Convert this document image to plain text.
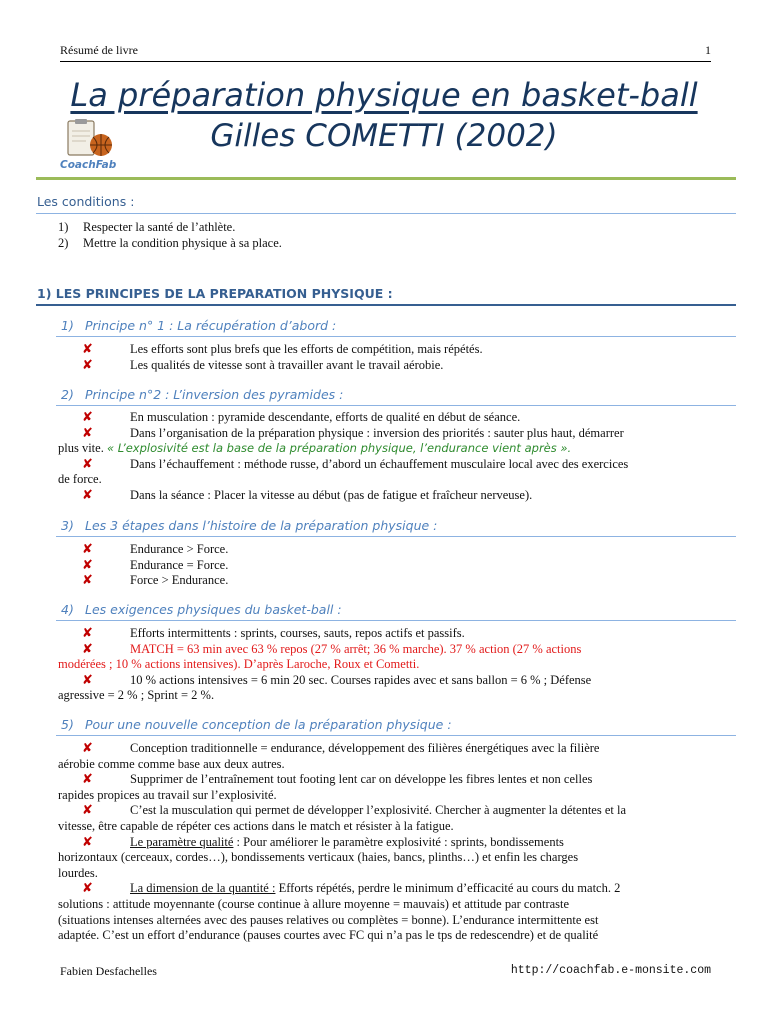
Résumé de livre	1
La préparation physique en basket-ball
Gilles COMETTI (2002)
CoachFab
Les conditions :
1) Respecter la santé de l’athlète.
2) Mettre la condition physique à sa place.
1) LES PRINCIPES DE LA PREPARATION PHYSIQUE :
1) Principe n° 1 : La récupération d’abord :
✘	Les efforts sont plus brefs que les efforts de compétition, mais répétés.
✘	Les qualités de vitesse sont à travailler avant le travail aérobie.
2) Principe n°2 : L’inversion des pyramides :
✘	En musculation : pyramide descendante, efforts de qualité en début de séance.
✘	Dans l’organisation de la préparation physique : inversion des priorités : sauter plus haut, démarrer
plus vite. « L’explosivité est la base de la préparation physique, l’endurance vient après ».
✘	Dans l’échauffement : méthode russe, d’abord un échauffement musculaire local avec des exercices
de force.
✘	Dans la séance : Placer la vitesse au début (pas de fatigue et fraîcheur nerveuse).
3) Les 3 étapes dans l’histoire de la préparation physique :
✘	Endurance > Force.
✘	Endurance = Force.
✘	Force > Endurance.
4) Les exigences physiques du basket-ball :
✘	Efforts intermittents : sprints, courses, sauts, repos actifs et passifs.
✘	MATCH = 63 min avec 63 % repos (27 % arrêt; 36 % marche). 37 % action (27 % actions
modérées ; 10 % actions intensives). D’après Laroche, Roux et Cometti.
✘	10 % actions intensives = 6 min 20 sec. Courses rapides avec et sans ballon = 6 % ; Défense
agressive = 2 % ; Sprint = 2 %.
5) Pour une nouvelle conception de la préparation physique :
✘	Conception traditionnelle = endurance, développement des filières énergétiques avec la filière
aérobie comme comme base aux deux autres.
✘	Supprimer de l’entraînement tout footing lent car on développe les fibres lentes et non celles
rapides propices au travail sur l’explosivité.
✘	C’est la musculation qui permet de développer l’explosivité. Chercher à augmenter la détentes et la
vitesse, être capable de répéter ces actions dans le match et résister à la fatigue.
✘	Le paramètre qualité : Pour améliorer le paramètre explosivité : sprints, bondissements
horizontaux (cerceaux, cordes…), bondissements verticaux (haies, bancs, plinths…) et enfin les charges
lourdes.
✘	La dimension de la quantité : Efforts répétés, perdre le minimum d’efficacité au cours du match. 2
solutions : attitude moyennante (course continue à allure moyenne = mauvais) et attitude par contraste
(situations intenses alternées avec des pauses relatives ou complètes = bonne). L’endurance intermittente est
adaptée. C’est un effort d’endurance (pauses courtes avec FC qui n’a pas le tps de redescendre) et de qualité
Fabien Desfachelles	http://coachfab.e-monsite.com
